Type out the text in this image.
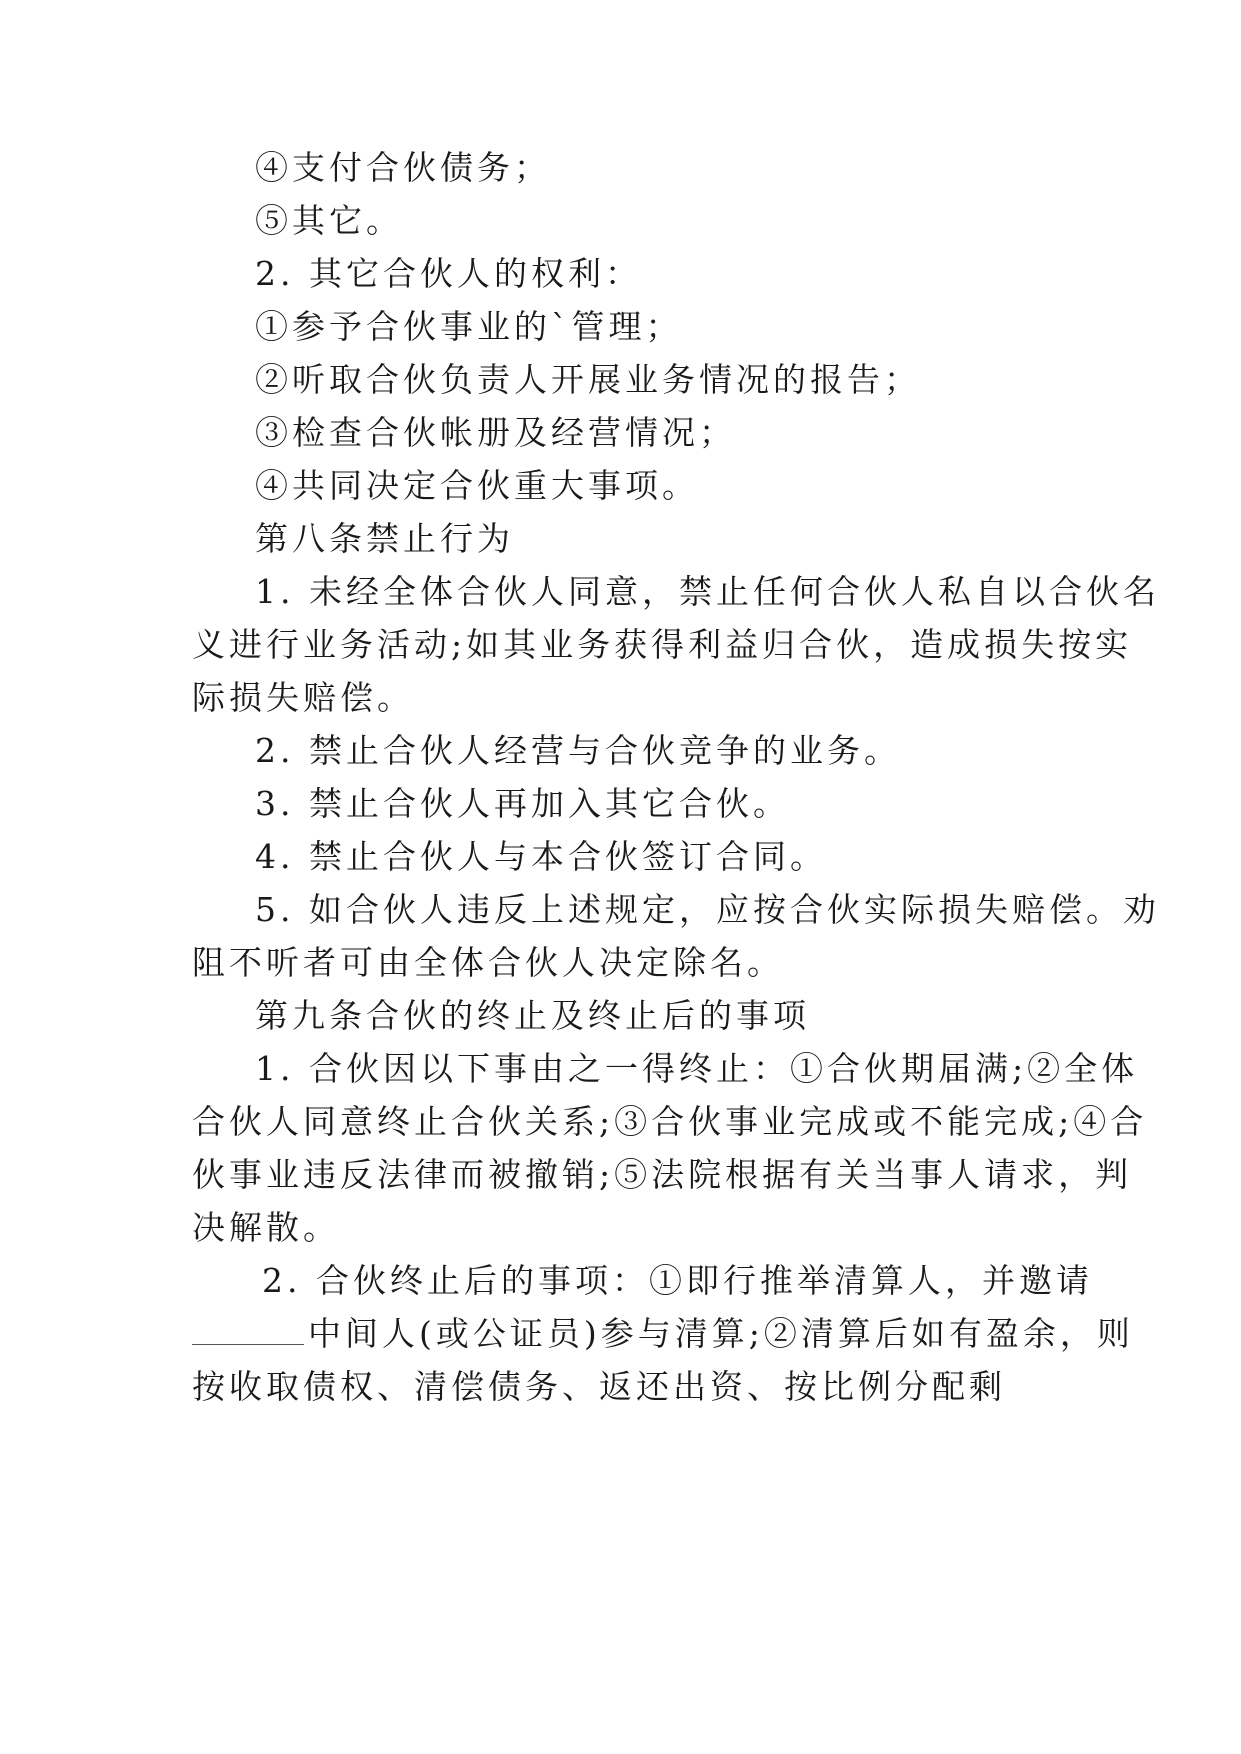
④支付合伙债务；
⑤其它。
2. 其它合伙人的权利：
①参予合伙事业的`管理；
②听取合伙负责人开展业务情况的报告；
③检查合伙帐册及经营情况；
④共同决定合伙重大事项。
第八条禁止行为
1. 未经全体合伙人同意，禁止任何合伙人私自以合伙名
义进行业务活动;如其业务获得利益归合伙，造成损失按实
际损失赔偿。
2. 禁止合伙人经营与合伙竞争的业务。
3. 禁止合伙人再加入其它合伙。
4. 禁止合伙人与本合伙签订合同。
5. 如合伙人违反上述规定，应按合伙实际损失赔偿。劝
阻不听者可由全体合伙人决定除名。
第九条合伙的终止及终止后的事项
1. 合伙因以下事由之一得终止：①合伙期届满;②全体
合伙人同意终止合伙关系;③合伙事业完成或不能完成;④合
伙事业违反法律而被撤销;⑤法院根据有关当事人请求，判
决解散。
2. 合伙终止后的事项：①即行推举清算人，并邀请
中间人(或公证员)参与清算;②清算后如有盈余，则
按收取债权、清偿债务、返还出资、按比例分配剩
